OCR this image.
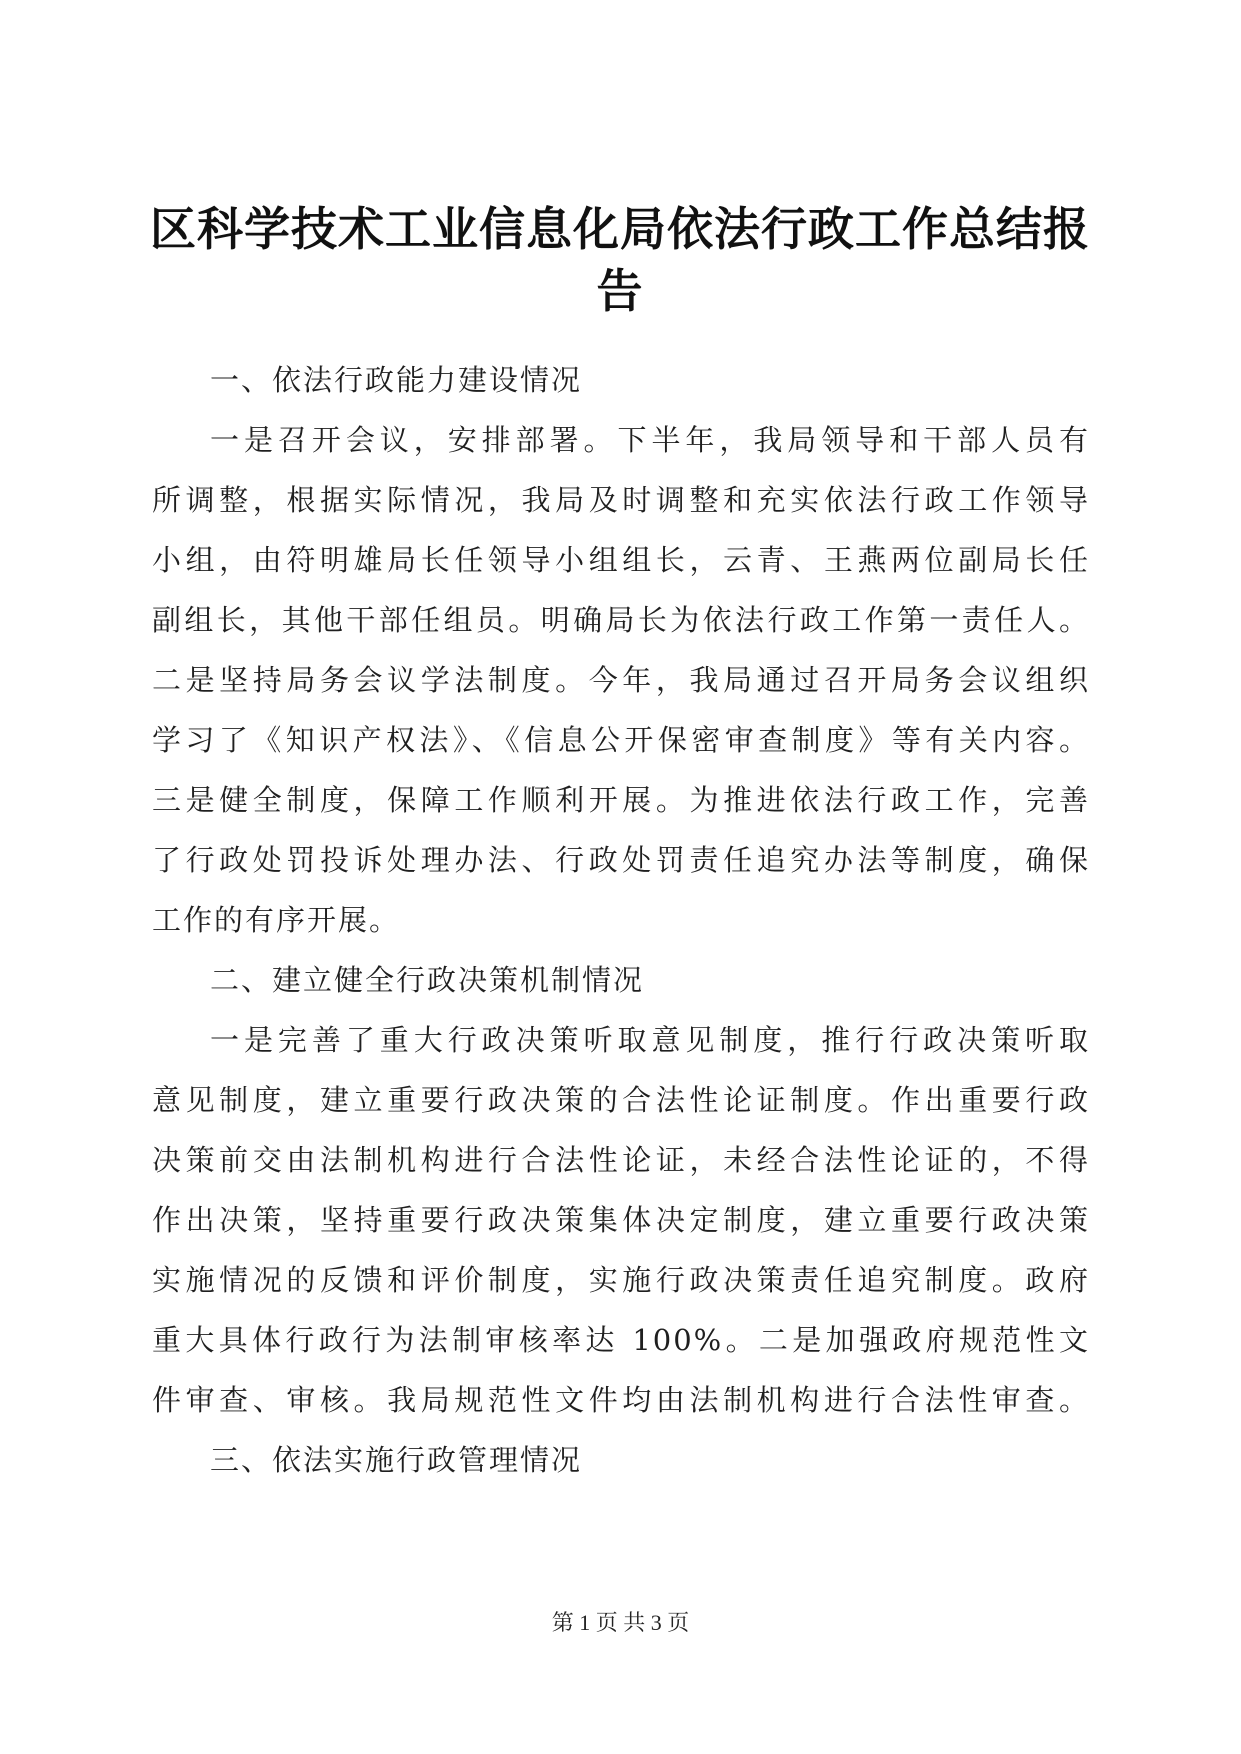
区科学技术工业信息化局依法行政工作总结报告
一、依法行政能力建设情况
一是召开会议，安排部署。下半年，我局领导和干部人员有
所调整，根据实际情况，我局及时调整和充实依法行政工作领导
小组，由符明雄局长任领导小组组长，云青、王燕两位副局长任
副组长，其他干部任组员。明确局长为依法行政工作第一责任人。
二是坚持局务会议学法制度。今年，我局通过召开局务会议组织
学习了《知识产权法》、《信息公开保密审查制度》等有关内容。
三是健全制度，保障工作顺利开展。为推进依法行政工作，完善
了行政处罚投诉处理办法、行政处罚责任追究办法等制度，确保
工作的有序开展。
二、建立健全行政决策机制情况
一是完善了重大行政决策听取意见制度，推行行政决策听取
意见制度，建立重要行政决策的合法性论证制度。作出重要行政
决策前交由法制机构进行合法性论证，未经合法性论证的，不得
作出决策，坚持重要行政决策集体决定制度，建立重要行政决策
实施情况的反馈和评价制度，实施行政决策责任追究制度。政府
重大具体行政行为法制审核率达 100%。二是加强政府规范性文
件审查、审核。我局规范性文件均由法制机构进行合法性审查。
三、依法实施行政管理情况
第 1 页 共 3 页
